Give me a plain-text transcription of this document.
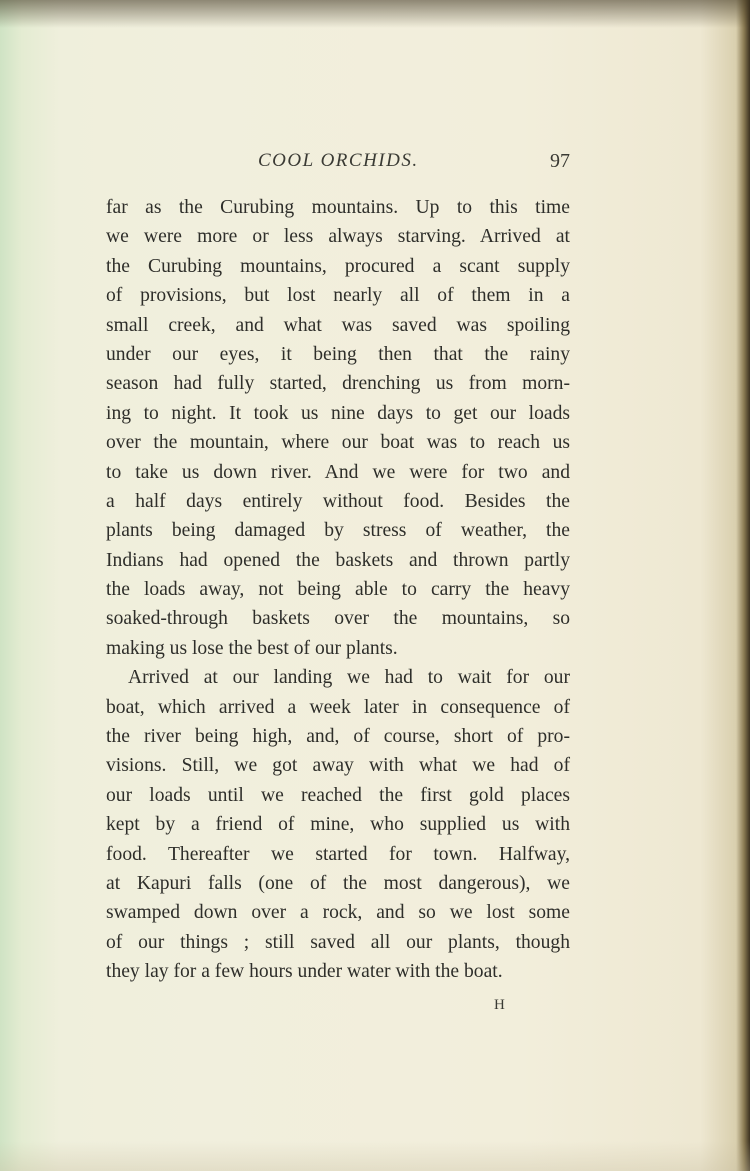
COOL ORCHIDS.	97
far as the Curubing mountains. Up to this time
we were more or less always starving. Arrived at
the Curubing mountains, procured a scant supply
of provisions, but lost nearly all of them in a
small creek, and what was saved was spoiling
under our eyes, it being then that the rainy
season had fully started, drenching us from morn-
ing to night. It took us nine days to get our loads
over the mountain, where our boat was to reach us
to take us down river. And we were for two and
a half days entirely without food. Besides the
plants being damaged by stress of weather, the
Indians had opened the baskets and thrown partly
the loads away, not being able to carry the heavy
soaked-through baskets over the mountains, so
making us lose the best of our plants.
Arrived at our landing we had to wait for our
boat, which arrived a week later in consequence of
the river being high, and, of course, short of pro-
visions. Still, we got away with what we had of
our loads until we reached the first gold places
kept by a friend of mine, who supplied us with
food. Thereafter we started for town. Halfway,
at Kapuri falls (one of the most dangerous), we
swamped down over a rock, and so we lost some
of our things ; still saved all our plants, though
they lay for a few hours under water with the boat.
H
